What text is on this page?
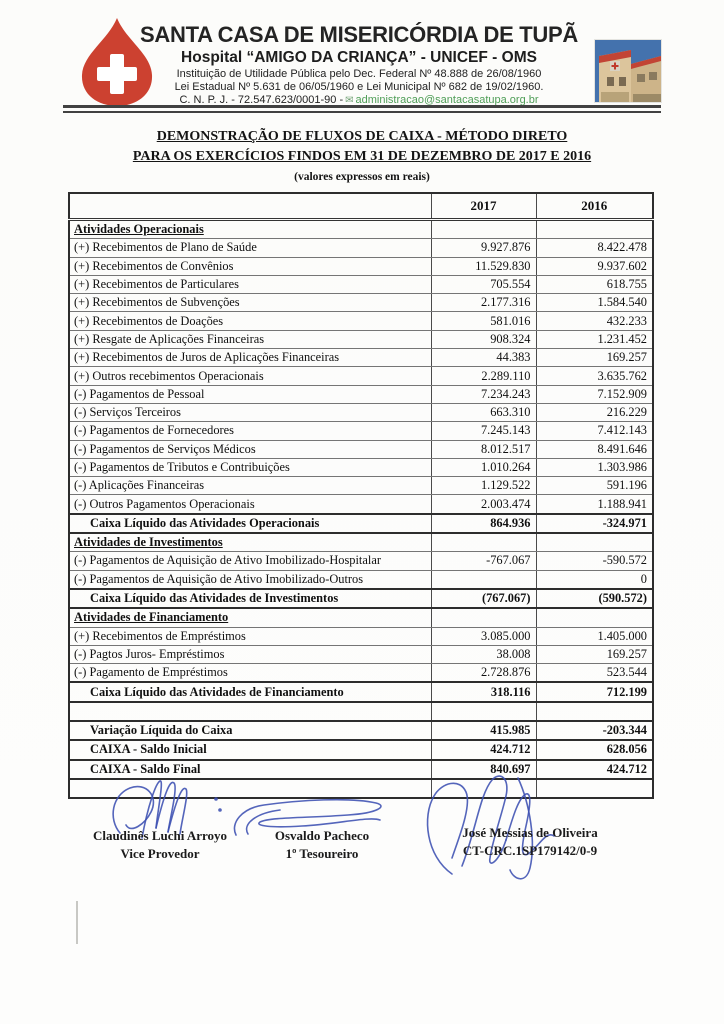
SANTA CASA DE MISERICÓRDIA DE TUPÃ
Hospital “AMIGO DA CRIANÇA” - UNICEF - OMS
Instituição de Utilidade Pública pelo Dec. Federal Nº 48.888 de 26/08/1960
Lei Estadual Nº 5.631 de 06/05/1960 e Lei Municipal Nº 682 de 19/02/1960.
C. N. P. J. - 72.547.623/0001-90 - ✉ administracao@santacasatupa.org.br
DEMONSTRAÇÃO DE FLUXOS DE CAIXA - MÉTODO DIRETO
PARA OS EXERCÍCIOS FINDOS EM 31 DE DEZEMBRO DE 2017 E 2016
(valores expressos em reais)
	2017	2016
Atividades Operacionais		
(+) Recebimentos de Plano de Saúde	9.927.876	8.422.478
(+) Recebimentos de Convênios	11.529.830	9.937.602
(+) Recebimentos de Particulares	705.554	618.755
(+) Recebimentos de Subvenções	2.177.316	1.584.540
(+) Recebimentos de Doações	581.016	432.233
(+) Resgate de Aplicações Financeiras	908.324	1.231.452
(+) Recebimentos de Juros de Aplicações Financeiras	44.383	169.257
(+) Outros recebimentos Operacionais	2.289.110	3.635.762
(-) Pagamentos de Pessoal	7.234.243	7.152.909
(-) Serviços Terceiros	663.310	216.229
(-) Pagamentos de Fornecedores	7.245.143	7.412.143
(-) Pagamentos de Serviços Médicos	8.012.517	8.491.646
(-) Pagamentos de Tributos e Contribuições	1.010.264	1.303.986
(-) Aplicações Financeiras	1.129.522	591.196
(-) Outros Pagamentos Operacionais	2.003.474	1.188.941
Caixa Líquido das Atividades Operacionais	864.936	-324.971
Atividades de Investimentos		
(-) Pagamentos de Aquisição de Ativo Imobilizado-Hospitalar	-767.067	-590.572
(-) Pagamentos de Aquisição de Ativo Imobilizado-Outros		0
Caixa Líquido das Atividades de Investimentos	(767.067)	(590.572)
Atividades de Financiamento		
(+) Recebimentos de Empréstimos	3.085.000	1.405.000
(-) Pagtos Juros- Empréstimos	38.008	169.257
(-) Pagamento de Empréstimos	2.728.876	523.544
Caixa Líquido das Atividades de Financiamento	318.116	712.199

Variação Líquida do Caixa	415.985	-203.344
CAIXA - Saldo Inicial	424.712	628.056
CAIXA - Saldo Final	840.697	424.712

Claudinês Luchi Arroyo
Vice Provedor
Osvaldo Pacheco
1º Tesoureiro
José Messias de Oliveira
CT-CRC.1SP179142/0-9
